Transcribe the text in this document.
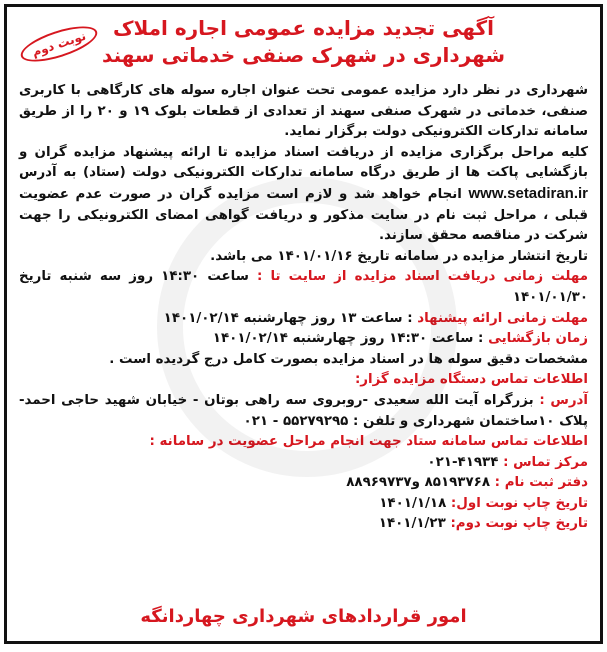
نوبت دوم
آگهی تجدید مزایده عمومی اجاره املاک
شهرداری در شهرک صنفی خدماتی سهند

شهرداری در نظر دارد مزایده عمومی تحت عنوان اجاره سوله های کارگاهی با کاربری صنفی، خدماتی در شهرک صنفی سهند از تعدادی از قطعات بلوک ۱۹ و ۲۰ را از طریق سامانه تدارکات الکترونیکی دولت برگزار نماید.

کلیه مراحل برگزاری مزایده از دریافت اسناد مزایده تا ارائه پیشنهاد مزایده گران و بازگشایی پاکت ها از طریق درگاه سامانه تدارکات الکترونیکی دولت (ستاد) به آدرس www.setadiran.ir انجام خواهد شد و لازم است مزایده گران در صورت عدم عضویت قبلی ، مراحل ثبت نام در سایت مذکور و دریافت گواهی امضای الکترونیکی را جهت شرکت در مناقصه محقق سازند.

تاریخ انتشار مزایده در سامانه تاریخ ۱۴۰۱/۰۱/۱۶ می باشد.

مهلت زمانی دریافت اسناد مزایده از سایت تا : ساعت ۱۴:۳۰ روز سه شنبه تاریخ ۱۴۰۱/۰۱/۳۰

مهلت زمانی ارائه پیشنهاد : ساعت ۱۳ روز چهارشنبه ۱۴۰۱/۰۲/۱۴

زمان بازگشایی : ساعت ۱۴:۳۰ روز چهارشنبه ۱۴۰۱/۰۲/۱۴

مشخصات دقیق سوله ها در اسناد مزایده بصورت کامل درج گردیده است .

اطلاعات تماس دستگاه مزایده گزار:

آدرس : بزرگراه آیت الله سعیدی -روبروی سه راهی بوتان - خیابان شهید حاجی احمد-پلاک ۱۰ساختمان شهرداری و تلفن : ۵۵۲۷۹۲۹۵ - ۰۲۱

اطلاعات تماس سامانه ستاد جهت انجام مراحل عضویت در سامانه :

مرکز تماس : ۴۱۹۳۴-۰۲۱

دفتر ثبت نام : ۸۵۱۹۳۷۶۸ و۸۸۹۶۹۷۳۷

تاریخ چاپ نوبت اول: ۱۴۰۱/۱/۱۸

تاریخ چاپ نوبت دوم: ۱۴۰۱/۱/۲۳

امور قراردادهای شهرداری چهاردانگه
